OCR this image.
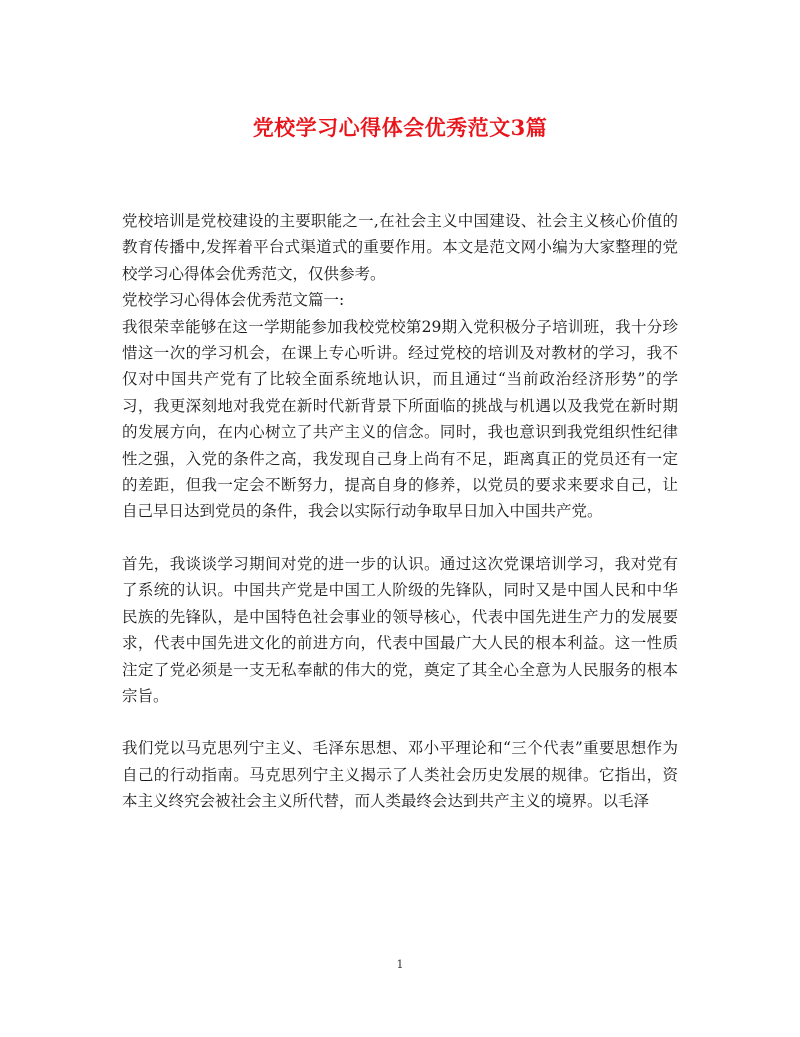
党校学习心得体会优秀范文3篇

党校培训是党校建设的主要职能之一,在社会主义中国建设、社会主义核心价值的教育传播中,发挥着平台式渠道式的重要作用。本文是范文网小编为大家整理的党校学习心得体会优秀范文，仅供参考。

党校学习心得体会优秀范文篇一:

我很荣幸能够在这一学期能参加我校党校第29期入党积极分子培训班，我十分珍惜这一次的学习机会，在课上专心听讲。经过党校的培训及对教材的学习，我不仅对中国共产党有了比较全面系统地认识，而且通过“当前政治经济形势”的学习，我更深刻地对我党在新时代新背景下所面临的挑战与机遇以及我党在新时期的发展方向，在内心树立了共产主义的信念。同时，我也意识到我党组织性纪律性之强，入党的条件之高，我发现自己身上尚有不足，距离真正的党员还有一定的差距，但我一定会不断努力，提高自身的修养，以党员的要求来要求自己，让自己早日达到党员的条件，我会以实际行动争取早日加入中国共产党。

首先，我谈谈学习期间对党的进一步的认识。通过这次党课培训学习，我对党有了系统的认识。中国共产党是中国工人阶级的先锋队，同时又是中国人民和中华民族的先锋队，是中国特色社会事业的领导核心，代表中国先进生产力的发展要求，代表中国先进文化的前进方向，代表中国最广大人民的根本利益。这一性质注定了党必须是一支无私奉献的伟大的党，奠定了其全心全意为人民服务的根本宗旨。

我们党以马克思列宁主义、毛泽东思想、邓小平理论和“三个代表”重要思想作为自己的行动指南。马克思列宁主义揭示了人类社会历史发展的规律。它指出，资本主义终究会被社会主义所代替，而人类最终会达到共产主义的境界。以毛泽

1
